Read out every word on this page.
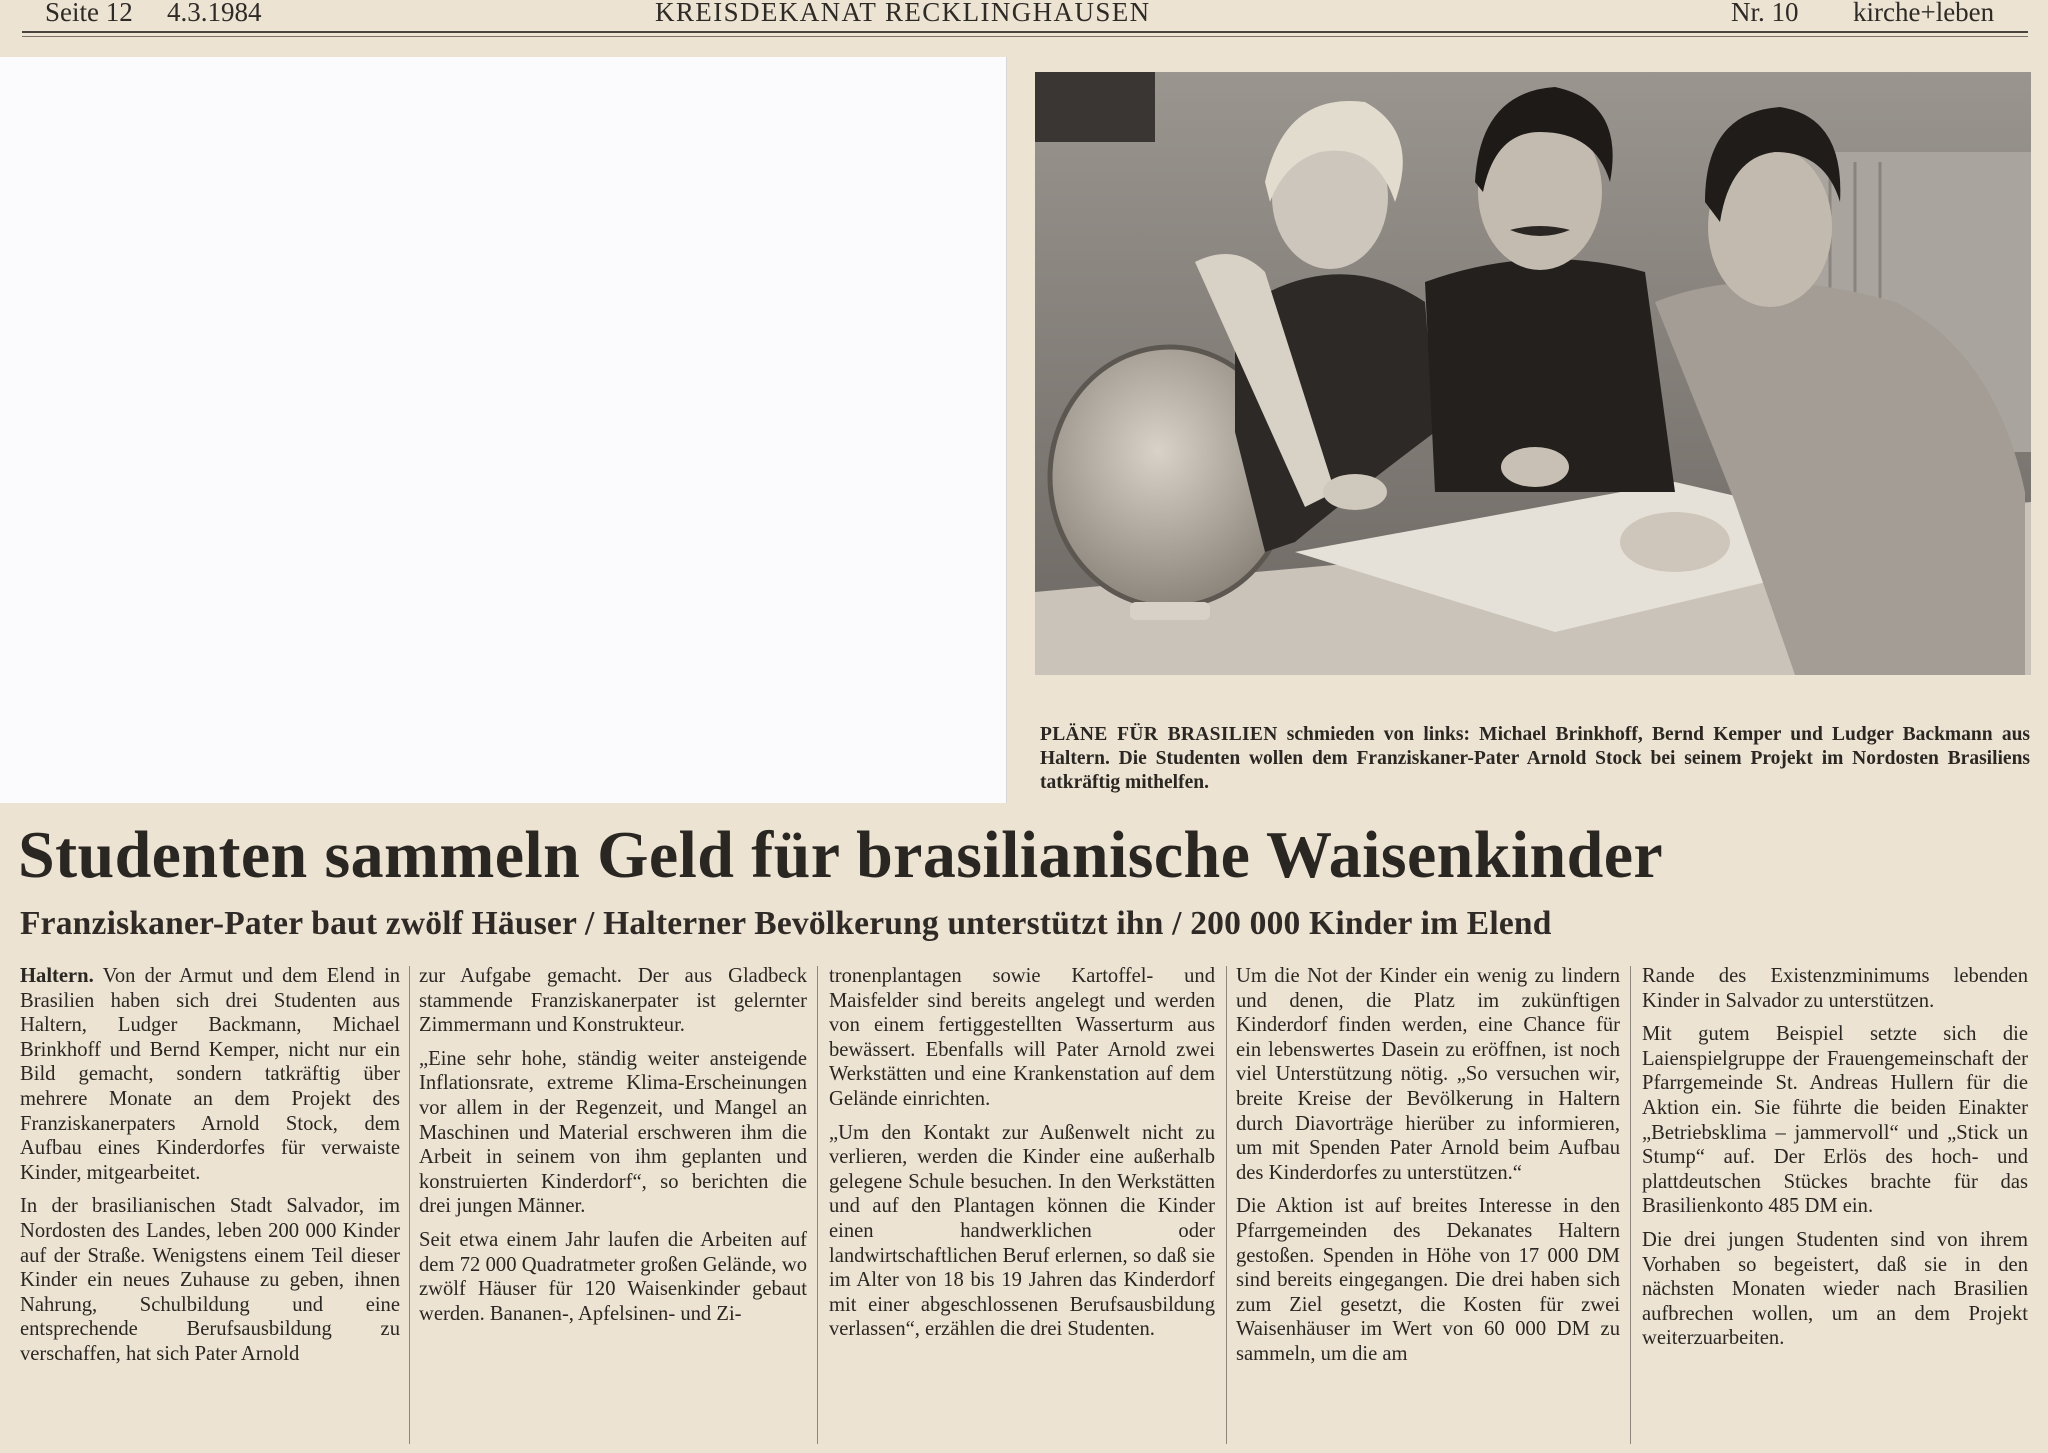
Seite 12 4.3.1984	KREISDEKANAT RECKLINGHAUSEN	Nr. 10 kirche+leben
PLÄNE FÜR BRASILIEN schmieden von links: Michael Brinkhoff, Bernd Kemper und Ludger Backmann aus Haltern. Die Studenten wollen dem Franziskaner-Pater Arnold Stock bei seinem Projekt im Nordosten Brasiliens tatkräftig mithelfen.
Studenten sammeln Geld für brasilianische Waisenkinder
Franziskaner-Pater baut zwölf Häuser / Halterner Bevölkerung unterstützt ihn / 200 000 Kinder im Elend

Haltern. Von der Armut und dem Elend in Brasilien haben sich drei Studenten aus Haltern, Ludger Backmann, Michael Brinkhoff und Bernd Kemper, nicht nur ein Bild gemacht, sondern tatkräftig über mehrere Monate an dem Projekt des Franziskanerpaters Arnold Stock, dem Aufbau eines Kinderdorfes für verwaiste Kinder, mitgearbeitet.

In der brasilianischen Stadt Salvador, im Nordosten des Landes, leben 200 000 Kinder auf der Straße. Wenigstens einem Teil dieser Kinder ein neues Zuhause zu geben, ihnen Nahrung, Schulbildung und eine entsprechende Berufsausbildung zu verschaffen, hat sich Pater Arnold

zur Aufgabe gemacht. Der aus Gladbeck stammende Franziskanerpater ist gelernter Zimmermann und Konstrukteur.

„Eine sehr hohe, ständig weiter ansteigende Inflationsrate, extreme Klima-Erscheinungen vor allem in der Regenzeit, und Mangel an Maschinen und Material erschweren ihm die Arbeit in seinem von ihm geplanten und konstruierten Kinderdorf“, so berichten die drei jungen Männer.

Seit etwa einem Jahr laufen die Arbeiten auf dem 72 000 Quadratmeter großen Gelände, wo zwölf Häuser für 120 Waisenkinder gebaut werden. Bananen-, Apfelsinen- und Zi-

tronenplantagen sowie Kartoffel- und Maisfelder sind bereits angelegt und werden von einem fertiggestellten Wasserturm aus bewässert. Ebenfalls will Pater Arnold zwei Werkstätten und eine Krankenstation auf dem Gelände einrichten.

„Um den Kontakt zur Außenwelt nicht zu verlieren, werden die Kinder eine außerhalb gelegene Schule besuchen. In den Werkstätten und auf den Plantagen können die Kinder einen handwerklichen oder landwirtschaftlichen Beruf erlernen, so daß sie im Alter von 18 bis 19 Jahren das Kinderdorf mit einer abgeschlossenen Berufsausbildung verlassen“, erzählen die drei Studenten.

Um die Not der Kinder ein wenig zu lindern und denen, die Platz im zukünftigen Kinderdorf finden werden, eine Chance für ein lebenswertes Dasein zu eröffnen, ist noch viel Unterstützung nötig. „So versuchen wir, breite Kreise der Bevölkerung in Haltern durch Diavorträge hierüber zu informieren, um mit Spenden Pater Arnold beim Aufbau des Kinderdorfes zu unterstützen.“

Die Aktion ist auf breites Interesse in den Pfarrgemeinden des Dekanates Haltern gestoßen. Spenden in Höhe von 17 000 DM sind bereits eingegangen. Die drei haben sich zum Ziel gesetzt, die Kosten für zwei Waisenhäuser im Wert von 60 000 DM zu sammeln, um die am

Rande des Existenzminimums lebenden Kinder in Salvador zu unterstützen.

Mit gutem Beispiel setzte sich die Laienspielgruppe der Frauengemeinschaft der Pfarrgemeinde St. Andreas Hullern für die Aktion ein. Sie führte die beiden Einakter „Betriebsklima – jammervoll“ und „Stick un Stump“ auf. Der Erlös des hoch- und plattdeutschen Stückes brachte für das Brasilienkonto 485 DM ein.

Die drei jungen Studenten sind von ihrem Vorhaben so begeistert, daß sie in den nächsten Monaten wieder nach Brasilien aufbrechen wollen, um an dem Projekt weiterzuarbeiten.
